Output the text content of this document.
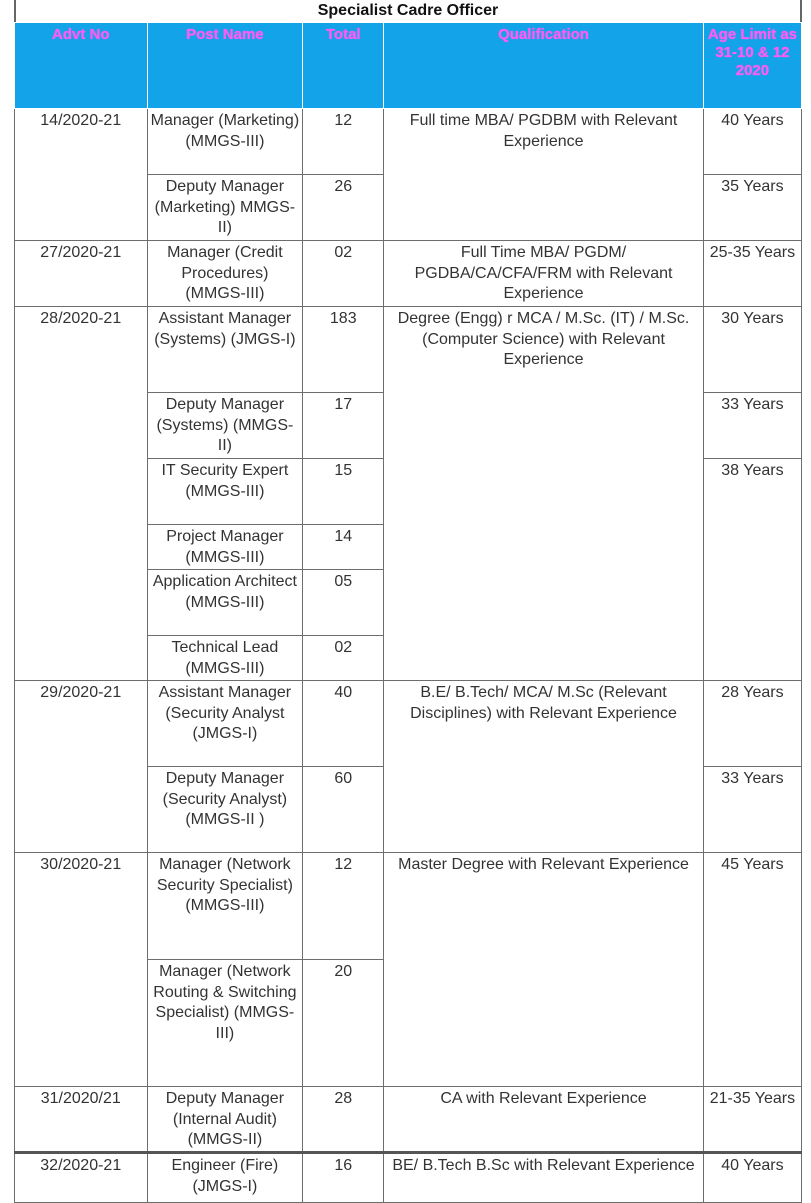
Specialist Cadre Officer
Advt No	Post Name	Total	Qualification	Age Limit as 31-10 & 12 2020
14/2020-21	Manager (Marketing) (MMGS-III)	12	Full time MBA/ PGDBM with Relevant Experience	40 Years
	Deputy Manager (Marketing) MMGS-II)	26		35 Years
27/2020-21	Manager (Credit Procedures) (MMGS-III)	02	Full Time MBA/ PGDM/ PGDBA/CA/CFA/FRM with Relevant Experience	25-35 Years
28/2020-21	Assistant Manager (Systems) (JMGS-I)	183	Degree (Engg) r MCA / M.Sc. (IT) / M.Sc. (Computer Science) with Relevant Experience	30 Years
	Deputy Manager (Systems) (MMGS-II)	17		33 Years
	IT Security Expert (MMGS-III)	15		38 Years
	Project Manager (MMGS-III)	14		
	Application Architect (MMGS-III)	05		
	Technical Lead (MMGS-III)	02		
29/2020-21	Assistant Manager (Security Analyst (JMGS-I)	40	B.E/ B.Tech/ MCA/ M.Sc (Relevant Disciplines) with Relevant Experience	28 Years
	Deputy Manager (Security Analyst) (MMGS-II )	60		33 Years
30/2020-21	Manager (Network Security Specialist) (MMGS-III)	12	Master Degree with Relevant Experience	45 Years
	Manager (Network Routing & Switching Specialist) (MMGS-III)	20		
31/2020/21	Deputy Manager (Internal Audit) (MMGS-II)	28	CA with Relevant Experience	21-35 Years
32/2020-21	Engineer (Fire) (JMGS-I)	16	BE/ B.Tech B.Sc with Relevant Experience	40 Years
